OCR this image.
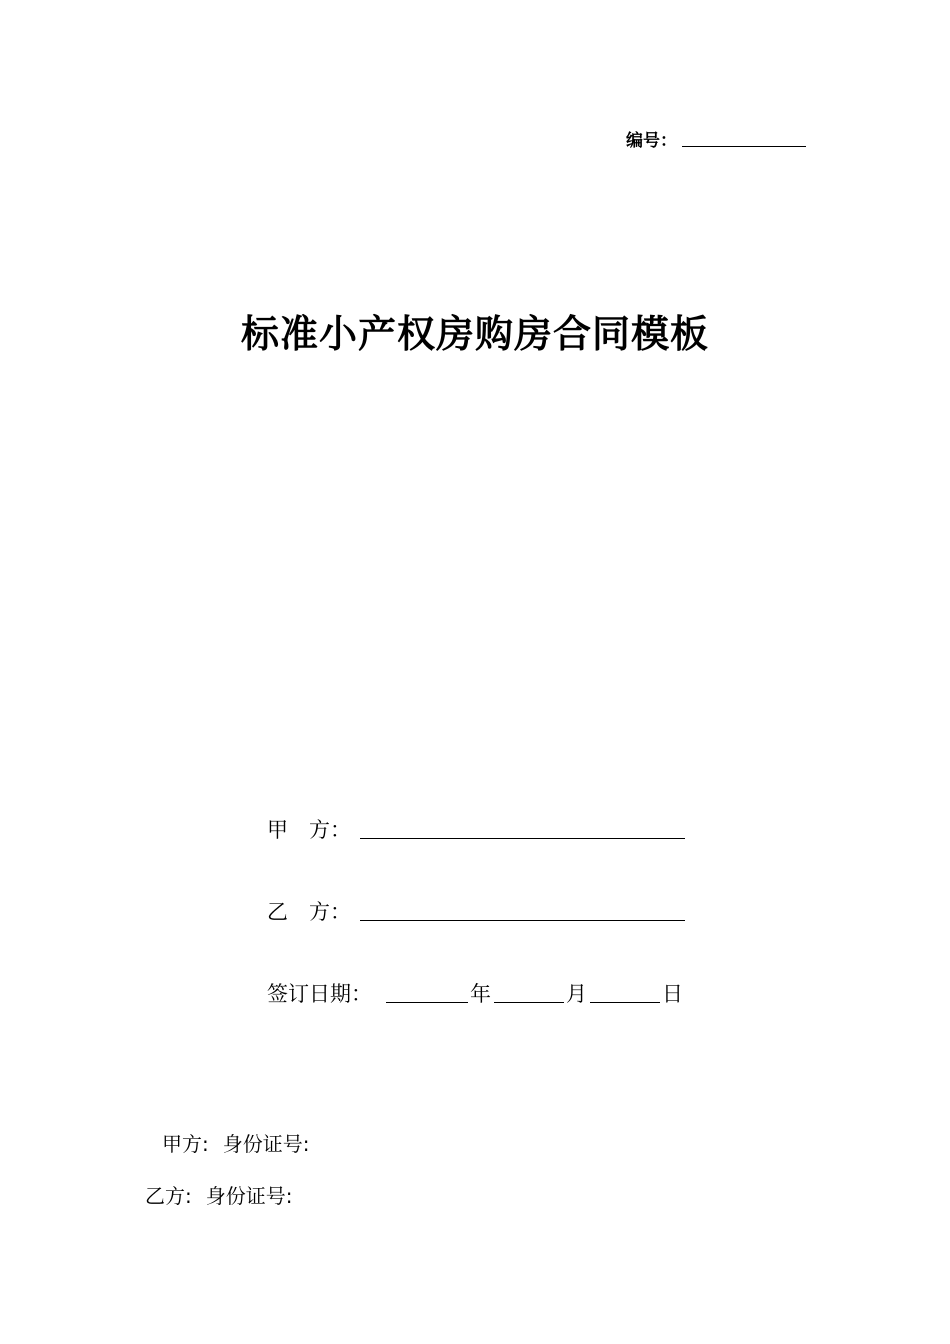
编号：
标准小产权房购房合同模板
甲　方：
乙　方：
签订日期：	年	月	日
甲方: 身份证号:
乙方: 身份证号:
